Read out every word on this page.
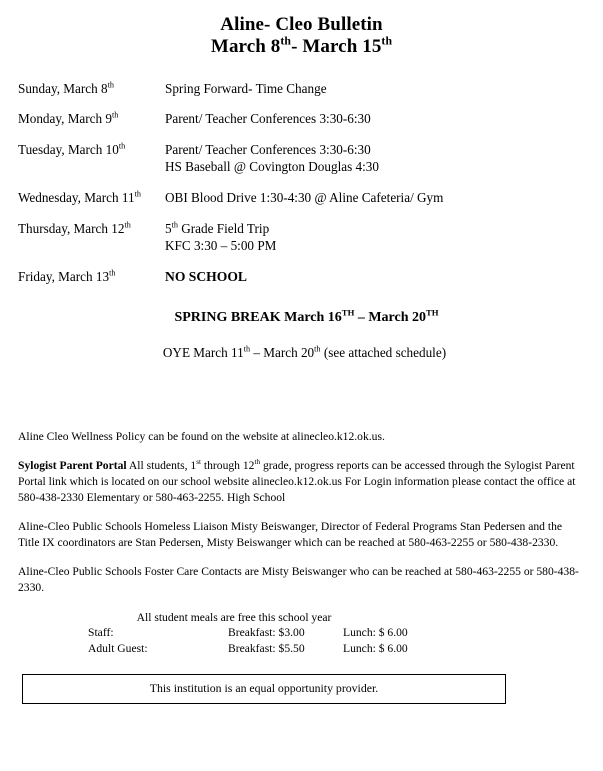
Aline- Cleo Bulletin
March 8th- March 15th
Sunday, March 8th	Spring Forward- Time Change
Monday, March 9th	Parent/ Teacher Conferences 3:30-6:30
Tuesday, March 10th	Parent/ Teacher Conferences 3:30-6:30
HS Baseball @ Covington Douglas 4:30
Wednesday, March 11th	OBI Blood Drive 1:30-4:30 @ Aline Cafeteria/ Gym
Thursday, March 12th	5th Grade Field Trip
KFC 3:30 – 5:00 PM
Friday, March 13th	NO SCHOOL
SPRING BREAK March 16TH – March 20TH
OYE March 11th – March 20th (see attached schedule)
Aline Cleo Wellness Policy can be found on the website at alinecleo.k12.ok.us.
Sylogist Parent Portal All students, 1st through 12th grade, progress reports can be accessed through the Sylogist Parent Portal link which is located on our school website alinecleo.k12.ok.us For Login information please contact the office at 580-438-2330 Elementary or 580-463-2255. High School
Aline-Cleo Public Schools Homeless Liaison Misty Beiswanger, Director of Federal Programs Stan Pedersen and the Title IX coordinators are Stan Pedersen, Misty Beiswanger which can be reached at 580-463-2255 or 580-438-2330.
Aline-Cleo Public Schools Foster Care Contacts are Misty Beiswanger who can be reached at 580-463-2255 or 580-438-2330.
All student meals are free this school year
Staff:	Breakfast: $3.00	Lunch: $ 6.00
Adult Guest:	Breakfast: $5.50	Lunch: $ 6.00
This institution is an equal opportunity provider.
